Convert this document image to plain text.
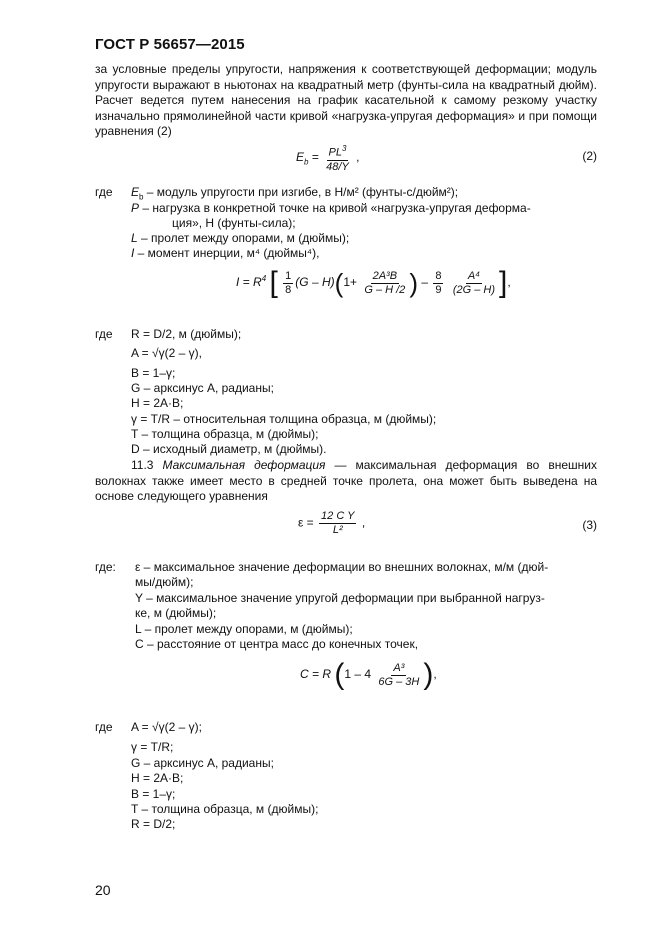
ГОСТ Р 56657—2015
за условные пределы упругости, напряжения к соответствующей деформации; модуль упругости выражают в ньютонах на квадратный метр (фунты-сила на квадратный дюйм). Расчет ведется путем нанесения на график касательной к самому резкому участку изначально прямолинейной части кривой «нагрузка-упругая деформация» и при помощи уравнения (2)
$E_b = \frac{PL^3}{48/Y}$ ,	(2)
где $E_b$ – модуль упругости при изгибе, в Н/м² (фунты-с/дюйм²);
P – нагрузка в конкретной точке на кривой «нагрузка-упругая деформа-
ция», Н (фунты-сила);
L – пролет между опорами, м (дюймы);
I – момент инерции, м⁴ (дюймы⁴),
$I = R^4$ [ $\frac{1}{8} (G - H)(1+ \frac{\text{2A³B}}{G - H /2}$ ) – $\frac{8}{9}$
$\frac{\text{A⁴}}{(2G - H)}$ ],
где R = D/2, м (дюймы);
A = √γ(2 – γ),
B = 1–γ;
G – арксинус A, радианы;
H = 2A·B;
γ = T/R – относительная толщина образца, м (дюймы);
T – толщина образца, м (дюймы);
D – исходный диаметр, м (дюймы).
11.3 Максимальная деформация — максимальная деформация во внешних волокнах также имеет место в средней точке пролета, она может быть выведена на основе следующего уравнения
$\varepsilon = \frac{\text{12 C Y}}{\text{L²}}$ ,	(3)
где: ε – максимальное значение деформации во внешних волокнах, м/м (дюй-
мы/дюйм);
Y – максимальное значение упругой деформации при выбранной нагруз-
ке, м (дюймы);
L – пролет между опорами, м (дюймы);
C – расстояние от центра масс до конечных точек,
C = R ($1 - 4 \frac{\text{A³}}{6G - 3H}$ ),
где A = √γ(2 – γ);
γ = T/R;
G – арксинус A, радианы;
H = 2A·B;
B = 1–γ;
T – толщина образца, м (дюймы);
R = D/2;
20
